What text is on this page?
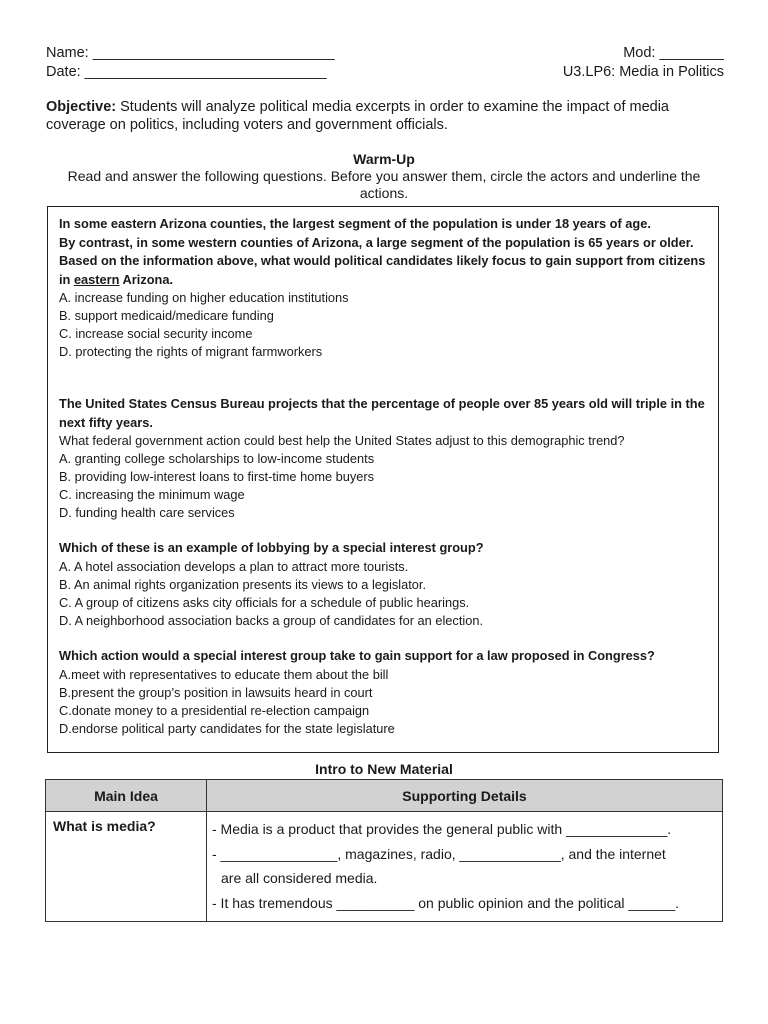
Name: ______________________________	Mod: ________
Date: ______________________________	U3.LP6: Media in Politics
Objective: Students will analyze political media excerpts in order to examine the impact of media coverage on politics, including voters and government officials.
Warm-Up
Read and answer the following questions. Before you answer them, circle the actors and underline the actions.
In some eastern Arizona counties, the largest segment of the population is under 18 years of age.
By contrast, in some western counties of Arizona, a large segment of the population is 65 years or older.
Based on the information above, what would political candidates likely focus to gain support from citizens in eastern Arizona.
A. increase funding on higher education institutions
B. support medicaid/medicare funding
C. increase social security income
D. protecting the rights of migrant farmworkers
The United States Census Bureau projects that the percentage of people over 85 years old will triple in the next fifty years.
What federal government action could best help the United States adjust to this demographic trend?
A. granting college scholarships to low-income students
B. providing low-interest loans to first-time home buyers
C. increasing the minimum wage
D. funding health care services
Which of these is an example of lobbying by a special interest group?
A. A hotel association develops a plan to attract more tourists.
B. An animal rights organization presents its views to a legislator.
C. A group of citizens asks city officials for a schedule of public hearings.
D. A neighborhood association backs a group of candidates for an election.
Which action would a special interest group take to gain support for a law proposed in Congress?
A.meet with representatives to educate them about the bill
B.present the group’s position in lawsuits heard in court
C.donate money to a presidential re-election campaign
D.endorse political party candidates for the state legislature
Intro to New Material
Main Idea	Supporting Details
What is media?	- Media is a product that provides the general public with _____________.
- _______________, magazines, radio, _____________, and the internet
are all considered media.
- It has tremendous __________ on public opinion and the political ______.
